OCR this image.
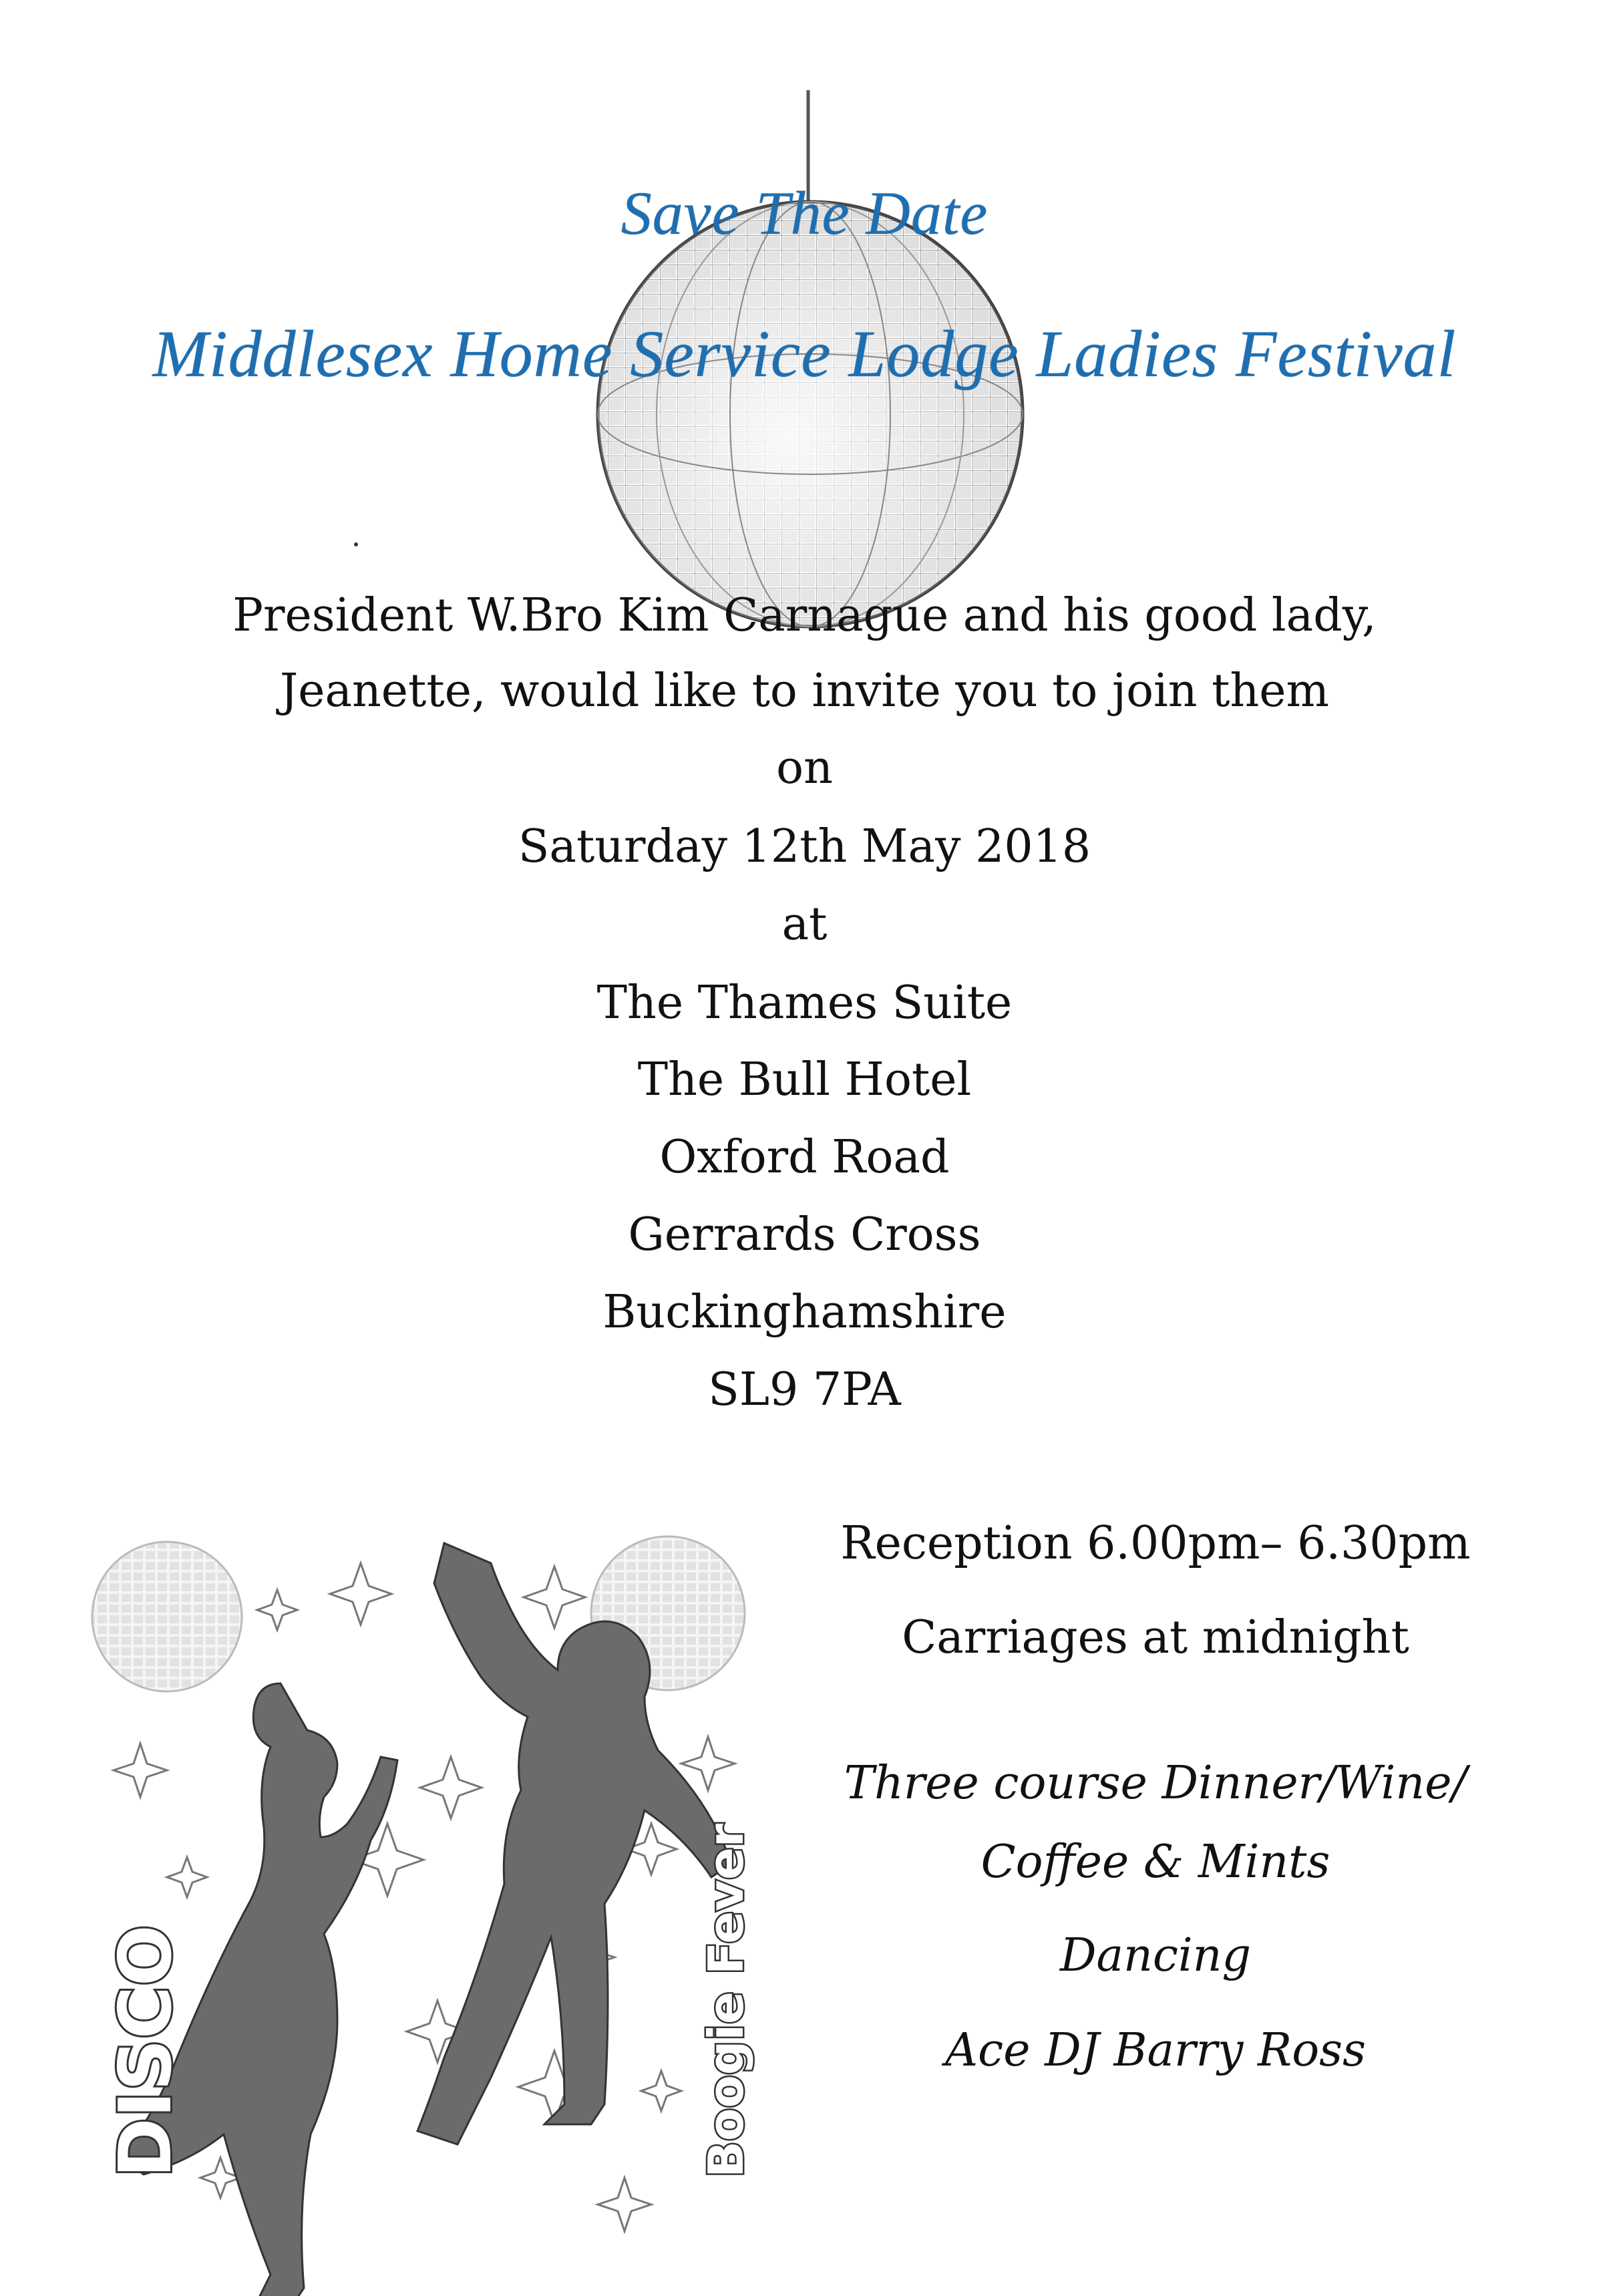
Save The Date
Middlesex Home Service Lodge Ladies Festival
President W.Bro Kim Carnague and his good lady,
Jeanette, would like to invite you to join them
on
Saturday 12th May 2018
at
The Thames Suite
The Bull Hotel
Oxford Road
Gerrards Cross
Buckinghamshire
SL9 7PA
Reception 6.00pm– 6.30pm
Carriages at midnight
Three course Dinner/Wine/
Coffee & Mints
Dancing
Ace DJ Barry Ross
DISCO	Boogie Fever
